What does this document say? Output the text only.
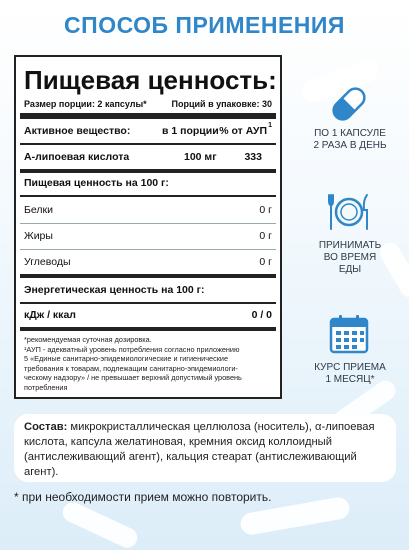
СПОСОБ ПРИМЕНЕНИЯ
Пищевая ценность:
Размер порции: 2 капсулы*	Порций в упаковке: 30
Активное вещество:	в 1 порции % от АУП 1
А-липоевая кислота	100 мг	333
Пищевая ценность на 100 г:
Белки	0 г
Жиры	0 г
Углеводы	0 г
Энергетическая ценность на 100 г:
кДж / ккал	0 / 0
*рекомендуемая суточная дозировка.
¹АУП - адекватный уровень потребления согласно приложению
5 «Единые санитарно-эпидемиологические и гигиенические
требования к товарам, подлежащим санитарно-эпидемиологи-
ческому надзору» / не превышает верхний допустимый уровень
потребления
ПО 1 КАПСУЛЕ
2 РАЗА В ДЕНЬ
ПРИНИМАТЬ
ВО ВРЕМЯ
ЕДЫ
КУРС ПРИЕМА
1 МЕСЯЦ*
Состав: микрокристаллическая целлюлоза (носитель), α-липоевая кислота, капсула желатиновая, кремния оксид коллоидный (антислеживающий агент), кальция стеарат (антислеживающий агент).
* при необходимости прием можно повторить.
